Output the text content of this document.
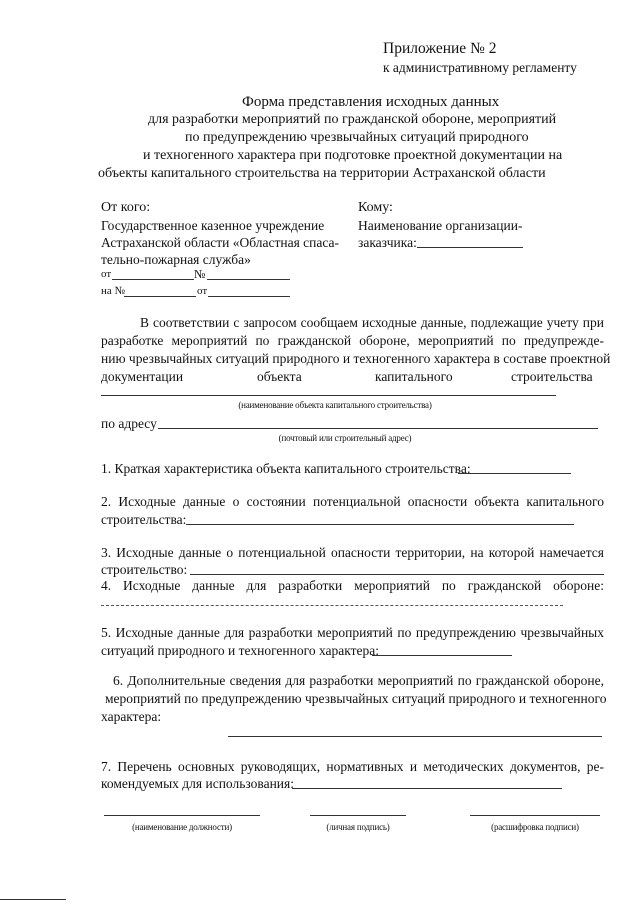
Приложение № 2
к административному регламенту
Форма представления исходных данных
для разработки мероприятий по гражданской обороне, мероприятий
по предупреждению чрезвычайных ситуаций природного
и техногенного характера при подготовке проектной документации на
объекты капитального строительства на территории Астраханской области
От кого:
Государственное казенное учреждение
Астраханской области «Областная спаса-
тельно-пожарная служба»
от	№
на №	от
Кому:
Наименование организации-
заказчика:
В соответствии с запросом сообщаем исходные данные, подлежащие учету при
разработке мероприятий по гражданской обороне, мероприятий по предупрежде-
нию чрезвычайных ситуаций природного и техногенного характера в составе проектной
документации	объекта	капитального	строительства
(наименование объекта капитального строительства)
по адресу
(почтовый или строительный адрес)
1. Краткая характеристика объекта капитального строительства:
2. Исходные данные о состоянии потенциальной опасности объекта капитального
строительства:
3. Исходные данные о потенциальной опасности территории, на которой намечается
строительство:
4. Исходные данные для разработки мероприятий по гражданской обороне:
5. Исходные данные для разработки мероприятий по предупреждению чрезвычайных
ситуаций природного и техногенного характера:
6. Дополнительные сведения для разработки мероприятий по гражданской обороне,
мероприятий по предупреждению чрезвычайных ситуаций природного и техногенного
характера:
7. Перечень основных руководящих, нормативных и методических документов, ре-
комендуемых для использования:
(наименование должности)	(личная подпись)	(расшифровка подписи)
